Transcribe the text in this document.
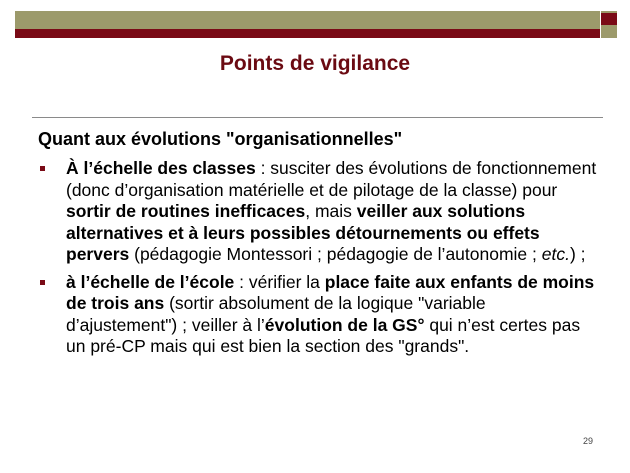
Points de vigilance
Quant aux évolutions "organisationnelles"
À l’échelle des classes : susciter des évolutions de fonctionnement (donc d’organisation matérielle et de pilotage de la classe) pour sortir de routines inefficaces, mais veiller aux solutions alternatives et à leurs possibles détournements ou effets pervers (pédagogie Montessori ; pédagogie de l’autonomie ; etc.) ;
à l’échelle de l’école : vérifier la place faite aux enfants de moins de trois ans (sortir absolument de la logique "variable d’ajustement") ; veiller à l’évolution de la GS° qui n’est certes pas un pré-CP mais qui est bien la section des "grands".
29
